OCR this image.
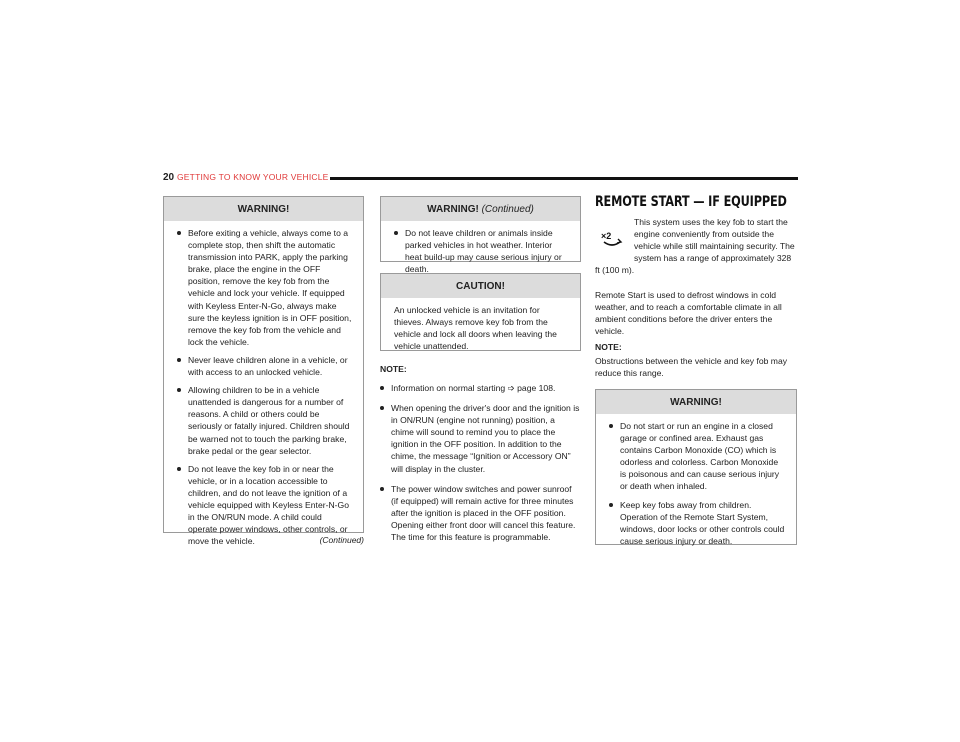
20 GETTING TO KNOW YOUR VEHICLE
WARNING!
Before exiting a vehicle, always come to a complete stop, then shift the automatic transmission into PARK, apply the parking brake, place the engine in the OFF position, remove the key fob from the vehicle and lock your vehicle. If equipped with Keyless Enter-N-Go, always make sure the keyless ignition is in OFF position, remove the key fob from the vehicle and lock the vehicle.
Never leave children alone in a vehicle, or with access to an unlocked vehicle.
Allowing children to be in a vehicle unattended is dangerous for a number of reasons. A child or others could be seriously or fatally injured. Children should be warned not to touch the parking brake, brake pedal or the gear selector.
Do not leave the key fob in or near the vehicle, or in a location accessible to children, and do not leave the ignition of a vehicle equipped with Keyless Enter-N-Go in the ON/RUN mode. A child could operate power windows, other controls, or move the vehicle.	(Continued)
WARNING! (Continued)
Do not leave children or animals inside parked vehicles in hot weather. Interior heat build-up may cause serious injury or death.
CAUTION!

An unlocked vehicle is an invitation for thieves. Always remove key fob from the vehicle and lock all doors when leaving the vehicle unattended.

NOTE:
Information on normal starting ➩ page 108.
When opening the driver's door and the ignition is in ON/RUN (engine not running) position, a chime will sound to remind you to place the ignition in the OFF position. In addition to the chime, the message “Ignition or Accessory ON” will display in the cluster.
The power window switches and power sunroof (if equipped) will remain active for three minutes after the ignition is placed in the OFF position. Opening either front door will cancel this feature. The time for this feature is programmable.
REMOTE START — IF EQUIPPED
×2

This system uses the key fob to start the engine conveniently from outside the vehicle while still maintaining security. The system has a range of approximately 328 ft (100 m).

Remote Start is used to defrost windows in cold weather, and to reach a comfortable climate in all ambient conditions before the driver enters the vehicle.

NOTE:

Obstructions between the vehicle and key fob may reduce this range.

WARNING!
Do not start or run an engine in a closed garage or confined area. Exhaust gas contains Carbon Monoxide (CO) which is odorless and colorless. Carbon Monoxide is poisonous and can cause serious injury or death when inhaled.
Keep key fobs away from children. Operation of the Remote Start System, windows, door locks or other controls could cause serious injury or death.
